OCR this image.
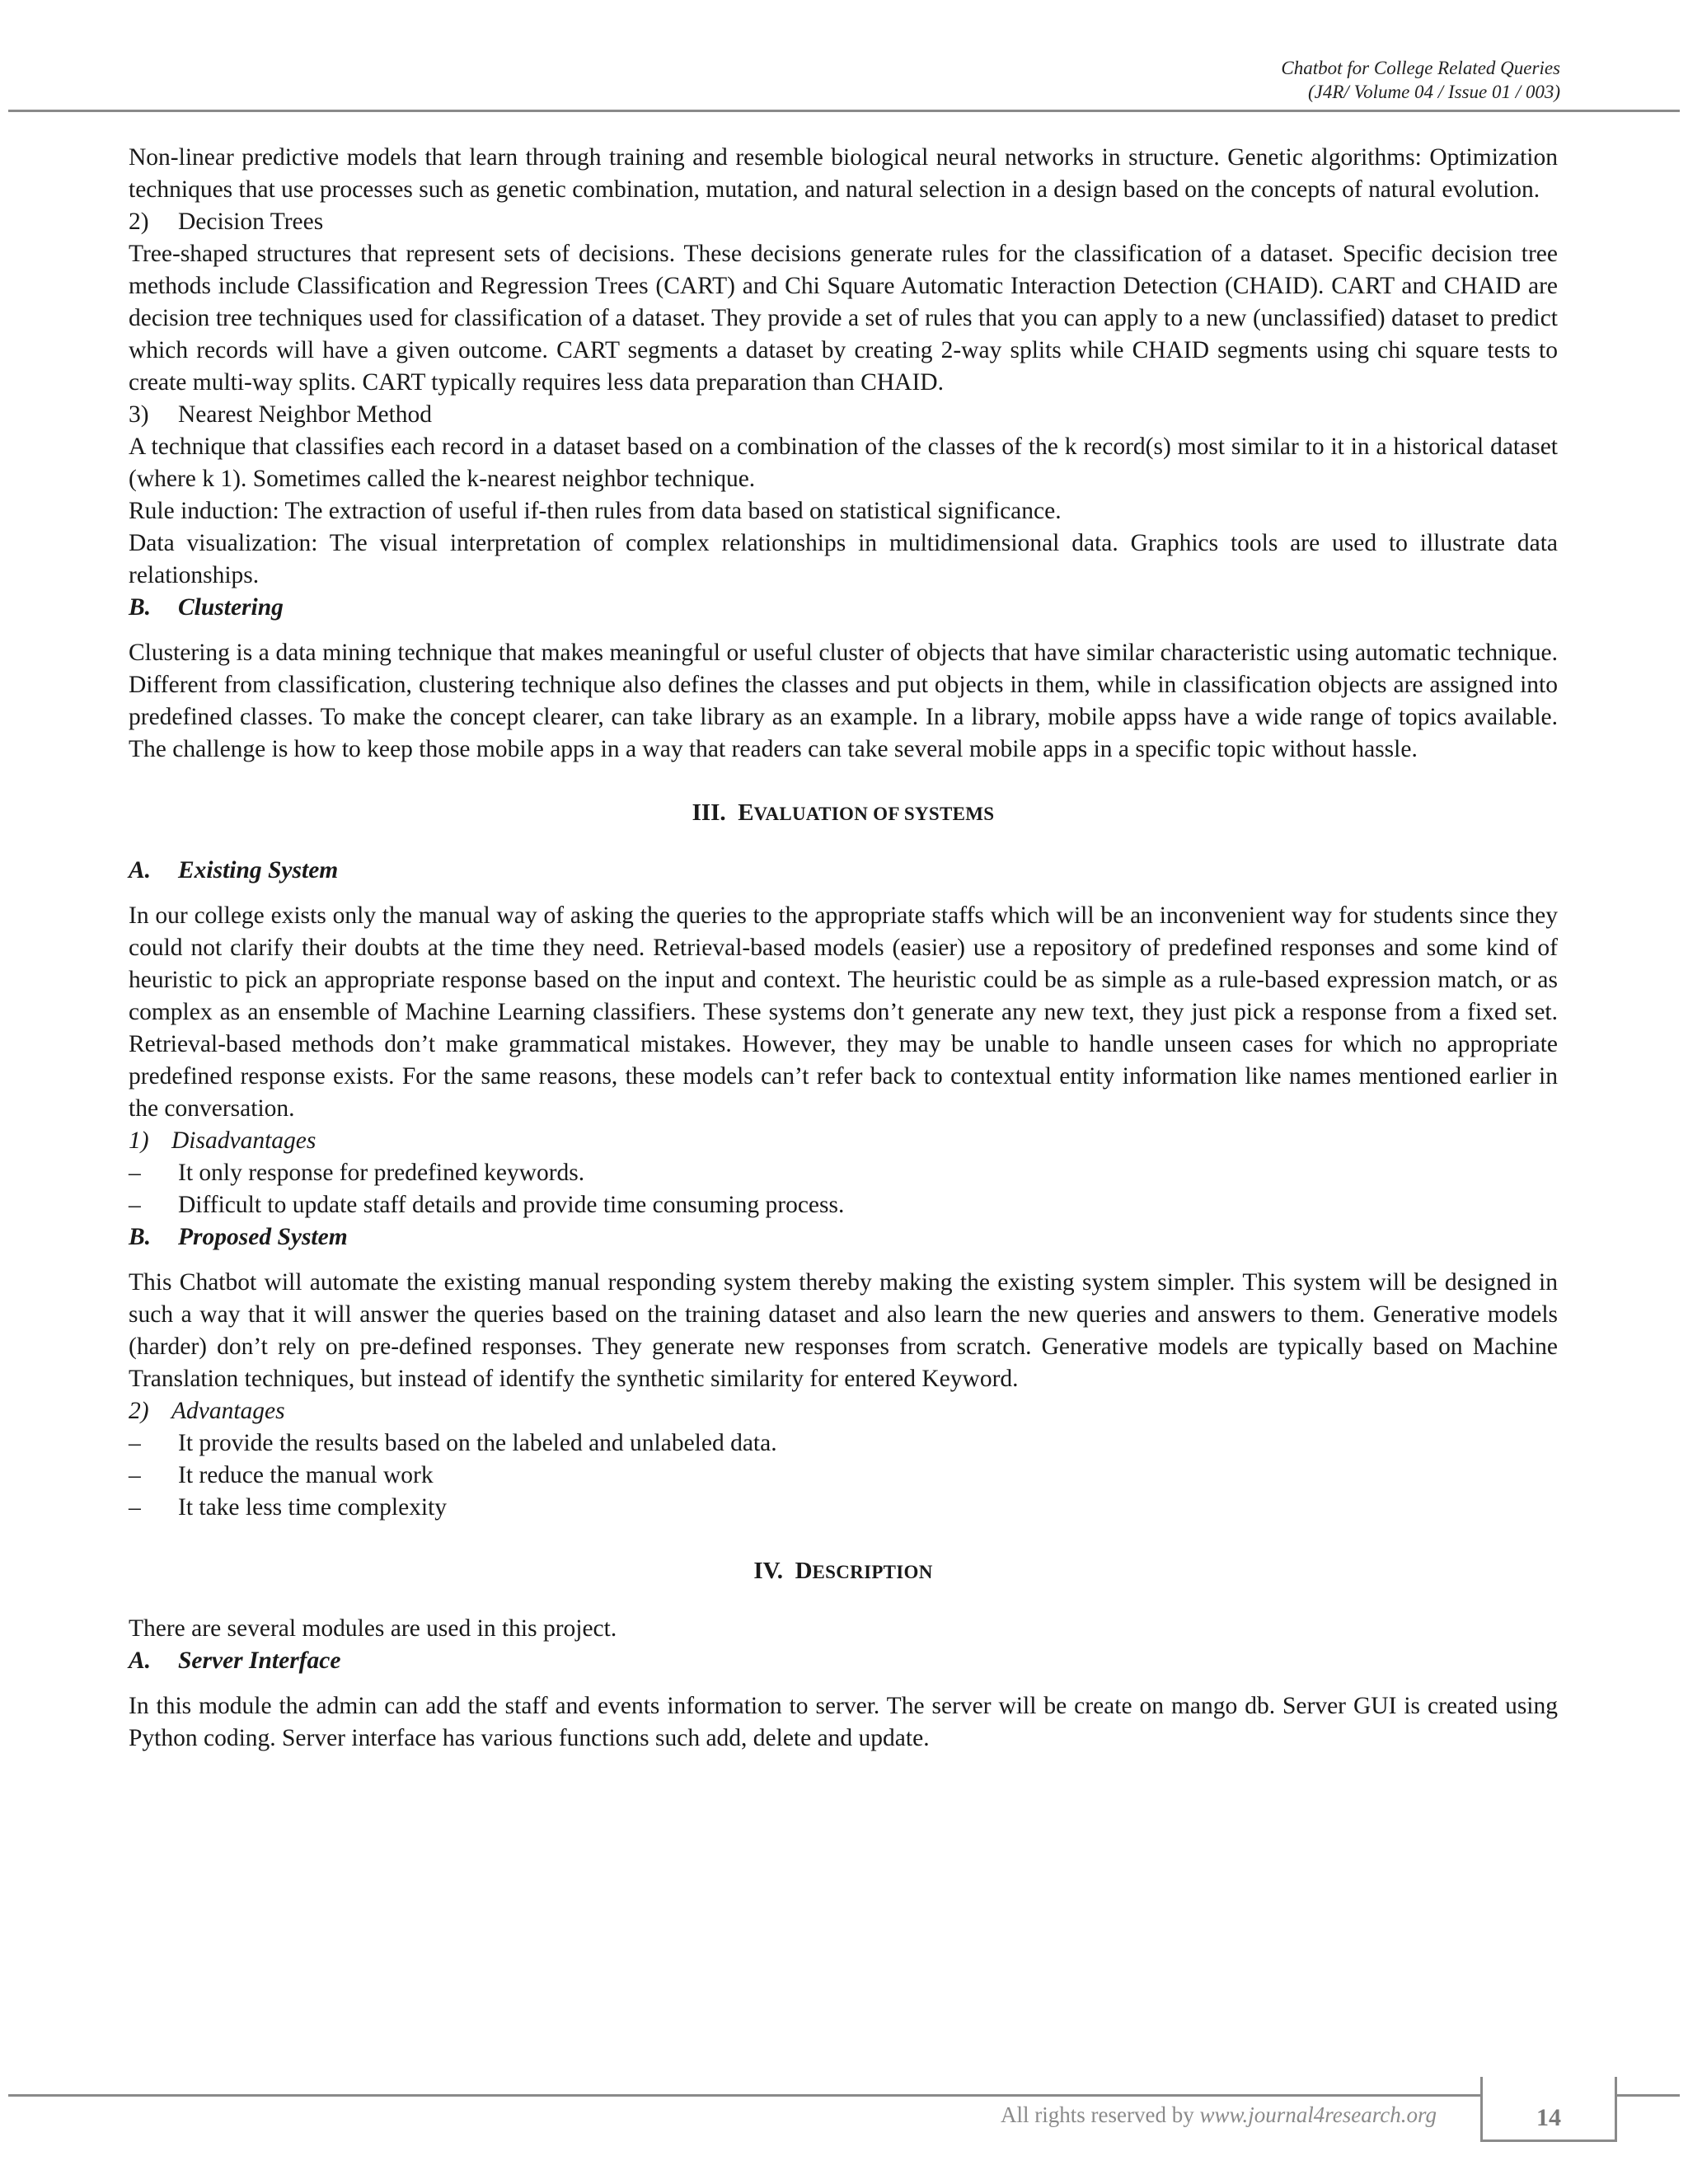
Chatbot for College Related Queries
(J4R/ Volume 04 / Issue 01 / 003)

Non-linear predictive models that learn through training and resemble biological neural networks in structure. Genetic algorithms: Optimization techniques that use processes such as genetic combination, mutation, and natural selection in a design based on the concepts of natural evolution.

2) Decision Trees

Tree-shaped structures that represent sets of decisions. These decisions generate rules for the classification of a dataset. Specific decision tree methods include Classification and Regression Trees (CART) and Chi Square Automatic Interaction Detection (CHAID). CART and CHAID are decision tree techniques used for classification of a dataset. They provide a set of rules that you can apply to a new (unclassified) dataset to predict which records will have a given outcome. CART segments a dataset by creating 2-way splits while CHAID segments using chi square tests to create multi-way splits. CART typically requires less data preparation than CHAID.

3) Nearest Neighbor Method

A technique that classifies each record in a dataset based on a combination of the classes of the k record(s) most similar to it in a historical dataset (where k 1). Sometimes called the k-nearest neighbor technique.

Rule induction: The extraction of useful if-then rules from data based on statistical significance.

Data visualization: The visual interpretation of complex relationships in multidimensional data. Graphics tools are used to illustrate data relationships.

B. Clustering

Clustering is a data mining technique that makes meaningful or useful cluster of objects that have similar characteristic using automatic technique. Different from classification, clustering technique also defines the classes and put objects in them, while in classification objects are assigned into predefined classes. To make the concept clearer, can take library as an example. In a library, mobile appss have a wide range of topics available. The challenge is how to keep those mobile apps in a way that readers can take several mobile apps in a specific topic without hassle.

III. EVALUATION OF SYSTEMS
A. Existing System

In our college exists only the manual way of asking the queries to the appropriate staffs which will be an inconvenient way for students since they could not clarify their doubts at the time they need. Retrieval-based models (easier) use a repository of predefined responses and some kind of heuristic to pick an appropriate response based on the input and context. The heuristic could be as simple as a rule-based expression match, or as complex as an ensemble of Machine Learning classifiers. These systems don’t generate any new text, they just pick a response from a fixed set. Retrieval-based methods don’t make grammatical mistakes. However, they may be unable to handle unseen cases for which no appropriate predefined response exists. For the same reasons, these models can’t refer back to contextual entity information like names mentioned earlier in the conversation.

1) Disadvantages
– It only response for predefined keywords.
– Difficult to update staff details and provide time consuming process.
B. Proposed System

This Chatbot will automate the existing manual responding system thereby making the existing system simpler. This system will be designed in such a way that it will answer the queries based on the training dataset and also learn the new queries and answers to them. Generative models (harder) don’t rely on pre-defined responses. They generate new responses from scratch. Generative models are typically based on Machine Translation techniques, but instead of identify the synthetic similarity for entered Keyword.

2) Advantages
– It provide the results based on the labeled and unlabeled data.
– It reduce the manual work
– It take less time complexity
IV. DESCRIPTION

There are several modules are used in this project.

A. Server Interface

In this module the admin can add the staff and events information to server. The server will be create on mango db. Server GUI is created using Python coding. Server interface has various functions such add, delete and update.

All rights reserved by www.journal4research.org	14
